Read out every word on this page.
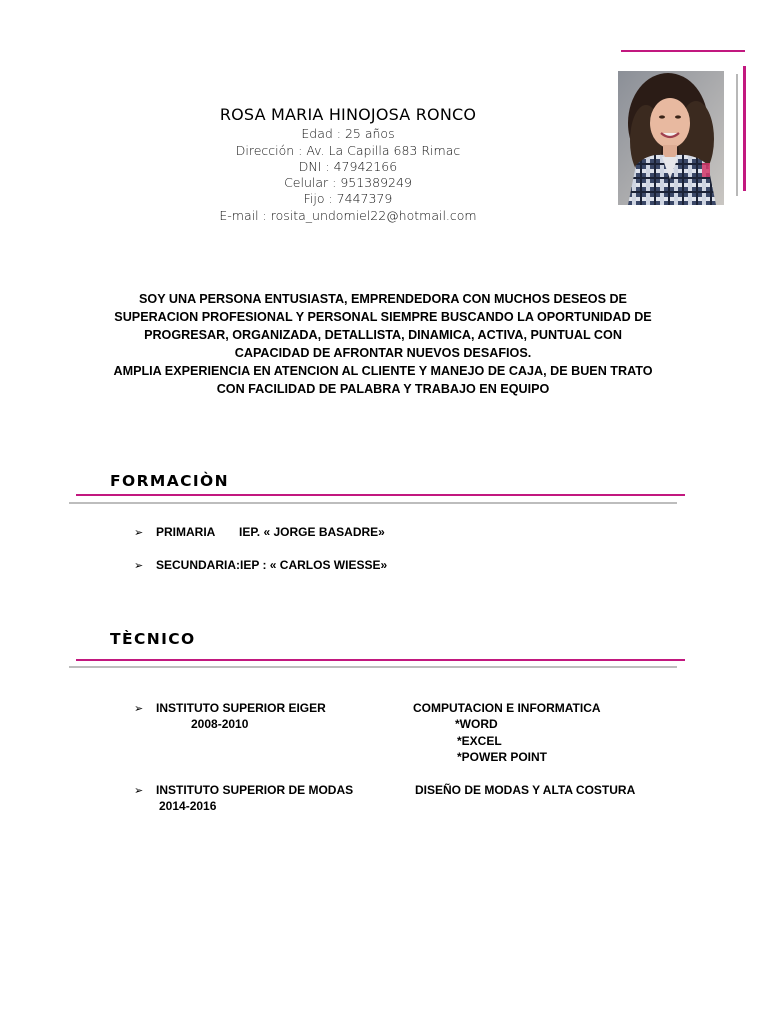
ROSA MARIA HINOJOSA RONCO
Edad : 25 años
Dirección : Av. La Capilla 683 Rimac
DNI : 47942166
Celular : 951389249
Fijo : 7447379
E-mail : rosita_undomiel22@hotmail.com
SOY UNA PERSONA ENTUSIASTA, EMPRENDEDORA CON MUCHOS DESEOS DE
SUPERACION PROFESIONAL Y PERSONAL SIEMPRE BUSCANDO LA OPORTUNIDAD DE
PROGRESAR, ORGANIZADA, DETALLISTA, DINAMICA, ACTIVA, PUNTUAL CON
CAPACIDAD DE AFRONTAR NUEVOS DESAFIOS.
AMPLIA EXPERIENCIA EN ATENCION AL CLIENTE Y MANEJO DE CAJA, DE BUEN TRATO
CON FACILIDAD DE PALABRA Y TRABAJO EN EQUIPO
FORMACIÒN
➢ PRIMARIA IEP. « JORGE BASADRE»
➢ SECUNDARIA:IEP : « CARLOS WIESSE»
TÈCNICO
➢ INSTITUTO SUPERIOR EIGER
2008-2010
COMPUTACION E INFORMATICA
*WORD
*EXCEL
*POWER POINT
➢ INSTITUTO SUPERIOR DE MODAS
2014-2016
DISEÑO DE MODAS Y ALTA COSTURA
